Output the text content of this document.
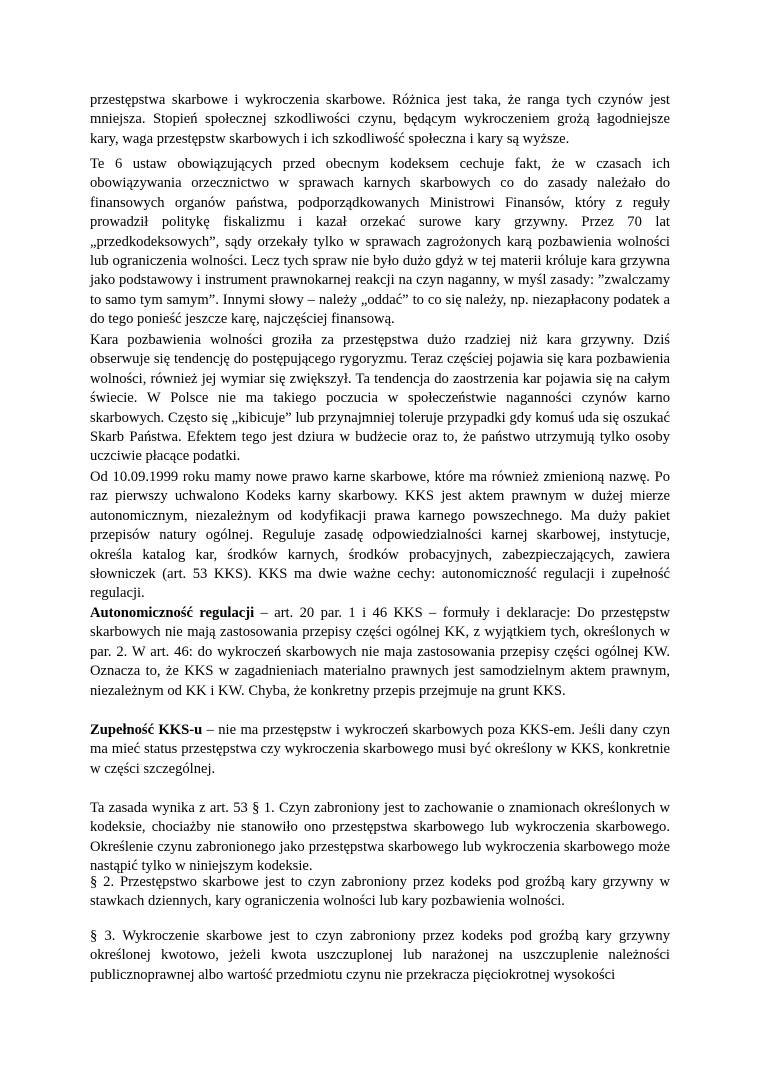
przestępstwa skarbowe i wykroczenia skarbowe. Różnica jest taka, że ranga tych czynów jest mniejsza. Stopień społecznej szkodliwości czynu, będącym wykroczeniem grożą łagodniejsze kary, waga przestępstw skarbowych i ich szkodliwość społeczna i kary są wyższe.

Te 6 ustaw obowiązujących przed obecnym kodeksem cechuje fakt, że w czasach ich obowiązywania orzecznictwo w sprawach karnych skarbowych co do zasady należało do finansowych organów państwa, podporządkowanych Ministrowi Finansów, który z reguły prowadził politykę fiskalizmu i kazał orzekać surowe kary grzywny. Przez 70 lat „przedkodeksowych”, sądy orzekały tylko w sprawach zagrożonych karą pozbawienia wolności lub ograniczenia wolności. Lecz tych spraw nie było dużo gdyż w tej materii króluje kara grzywna jako podstawowy i instrument prawnokarnej reakcji na czyn naganny, w myśl zasady: ”zwalczamy to samo tym samym”. Innymi słowy – należy „oddać” to co się należy, np. niezapłacony podatek a do tego ponieść jeszcze karę, najczęściej finansową.

Kara pozbawienia wolności groziła za przestępstwa dużo rzadziej niż kara grzywny. Dziś obserwuje się tendencję do postępującego rygoryzmu. Teraz częściej pojawia się kara pozbawienia wolności, również jej wymiar się zwiększył. Ta tendencja do zaostrzenia kar pojawia się na całym świecie. W Polsce nie ma takiego poczucia w społeczeństwie naganności czynów karno skarbowych. Często się „kibicuje” lub przynajmniej toleruje przypadki gdy komuś uda się oszukać Skarb Państwa. Efektem tego jest dziura w budżecie oraz to, że państwo utrzymują tylko osoby uczciwie płacące podatki.

Od 10.09.1999 roku mamy nowe prawo karne skarbowe, które ma również zmienioną nazwę. Po raz pierwszy uchwalono Kodeks karny skarbowy. KKS jest aktem prawnym w dużej mierze autonomicznym, niezależnym od kodyfikacji prawa karnego powszechnego. Ma duży pakiet przepisów natury ogólnej. Reguluje zasadę odpowiedzialności karnej skarbowej, instytucje, określa katalog kar, środków karnych, środków probacyjnych, zabezpieczających, zawiera słowniczek (art. 53 KKS). KKS ma dwie ważne cechy: autonomiczność regulacji i zupełność regulacji.

Autonomiczność regulacji – art. 20 par. 1 i 46 KKS – formuły i deklaracje: Do przestępstw skarbowych nie mają zastosowania przepisy części ogólnej KK, z wyjątkiem tych, określonych w par. 2. W art. 46: do wykroczeń skarbowych nie maja zastosowania przepisy części ogólnej KW. Oznacza to, że KKS w zagadnieniach materialno prawnych jest samodzielnym aktem prawnym, niezależnym od KK i KW. Chyba, że konkretny przepis przejmuje na grunt KKS.

Zupełność KKS-u – nie ma przestępstw i wykroczeń skarbowych poza KKS-em. Jeśli dany czyn ma mieć status przestępstwa czy wykroczenia skarbowego musi być określony w KKS, konkretnie w części szczególnej.

Ta zasada wynika z art. 53 § 1. Czyn zabroniony jest to zachowanie o znamionach określonych w kodeksie, chociażby nie stanowiło ono przestępstwa skarbowego lub wykroczenia skarbowego. Określenie czynu zabronionego jako przestępstwa skarbowego lub wykroczenia skarbowego może nastąpić tylko w niniejszym kodeksie.

§ 2. Przestępstwo skarbowe jest to czyn zabroniony przez kodeks pod groźbą kary grzywny w stawkach dziennych, kary ograniczenia wolności lub kary pozbawienia wolności.

§ 3. Wykroczenie skarbowe jest to czyn zabroniony przez kodeks pod groźbą kary grzywny określonej kwotowo, jeżeli kwota uszczuplonej lub narażonej na uszczuplenie należności publicznoprawnej albo wartość przedmiotu czynu nie przekracza pięciokrotnej wysokości
